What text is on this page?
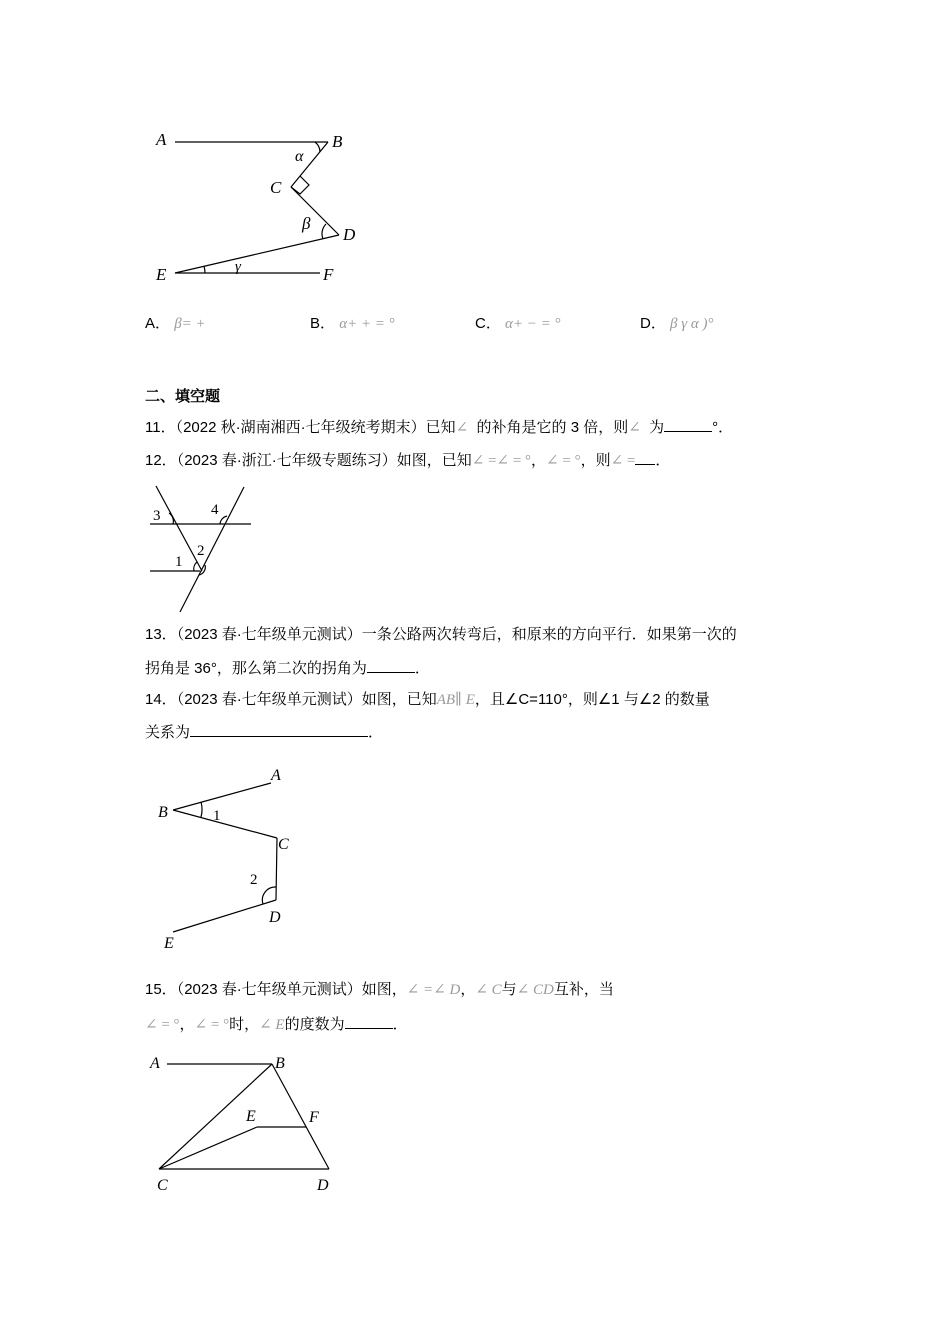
A	B
C
D
E	F
α
β
γ
A． β= +	B． α+ + = °	C． α+ − = °	D． β γ α )°
二、填空题
11．（2022 秋·湖南湘西·七年级统考期末）已知∠ 的补角是它的 3 倍，则∠ 为	°．
12．（2023 春·浙江·七年级专题练习）如图，已知∠ =∠ = °，∠ = °，则∠ = ．
3	4
1
2
13．（2023 春·七年级单元测试）一条公路两次转弯后，和原来的方向平行．如果第一次的
拐角是 36°，那么第二次的拐角为	．
14．（2023 春·七年级单元测试）如图，已知AB∥ E，且∠C=110°，则∠1 与∠2 的数量
关系为	．
A
B
C
D
E
1
2
15．（2023 春·七年级单元测试）如图，∠ =∠ D，∠ C与∠ CD互补，当
∠ = °，∠ = °时，∠ E的度数为	．
A	B
E	F
C	D
